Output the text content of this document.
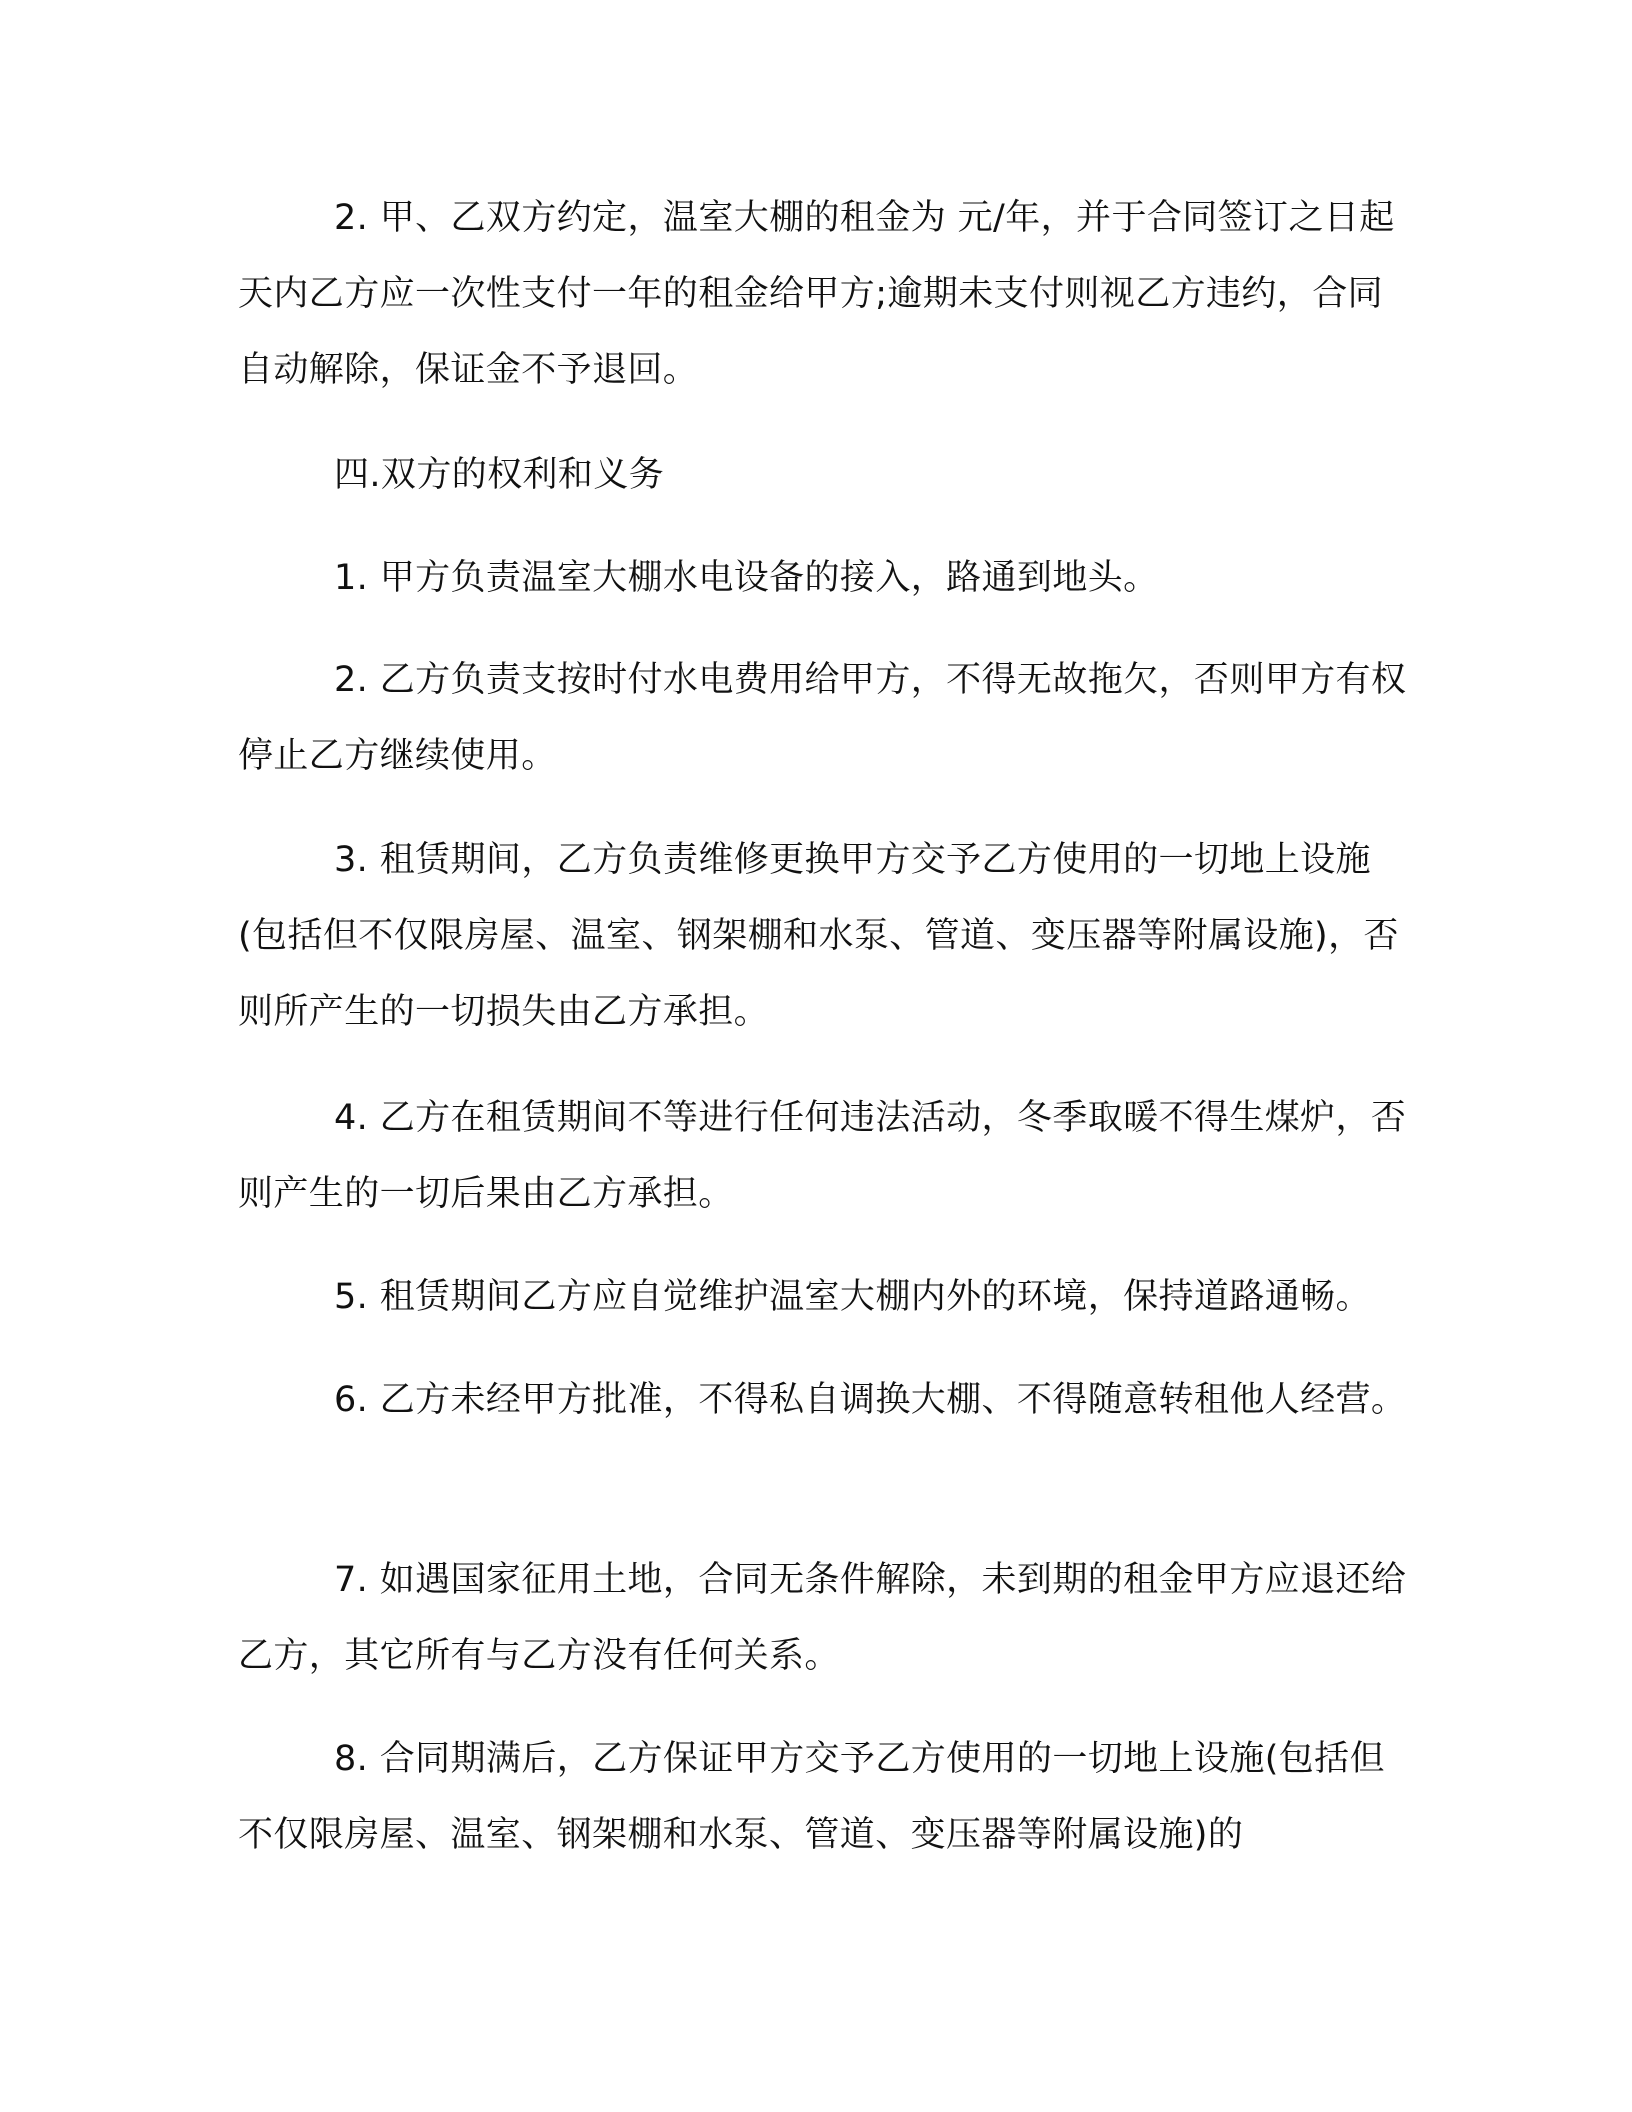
2. 甲、乙双方约定，温室大棚的租金为 元/年，并于合同签订之日起 天内乙方应一次性支付一年的租金给甲方;逾期未支付则视乙方违约，合同自动解除，保证金不予退回。

四.双方的权利和义务

1. 甲方负责温室大棚水电设备的接入，路通到地头。

2. 乙方负责支按时付水电费用给甲方，不得无故拖欠，否则甲方有权停止乙方继续使用。

3. 租赁期间，乙方负责维修更换甲方交予乙方使用的一切地上设施(包括但不仅限房屋、温室、钢架棚和水泵、管道、变压器等附属设施)，否则所产生的一切损失由乙方承担。

4. 乙方在租赁期间不等进行任何违法活动，冬季取暖不得生煤炉，否则产生的一切后果由乙方承担。

5. 租赁期间乙方应自觉维护温室大棚内外的环境，保持道路通畅。

6. 乙方未经甲方批准，不得私自调换大棚、不得随意转租他人经营。

7. 如遇国家征用土地，合同无条件解除，未到期的租金甲方应退还给乙方，其它所有与乙方没有任何关系。

8. 合同期满后，乙方保证甲方交予乙方使用的一切地上设施(包括但不仅限房屋、温室、钢架棚和水泵、管道、变压器等附属设施)的
